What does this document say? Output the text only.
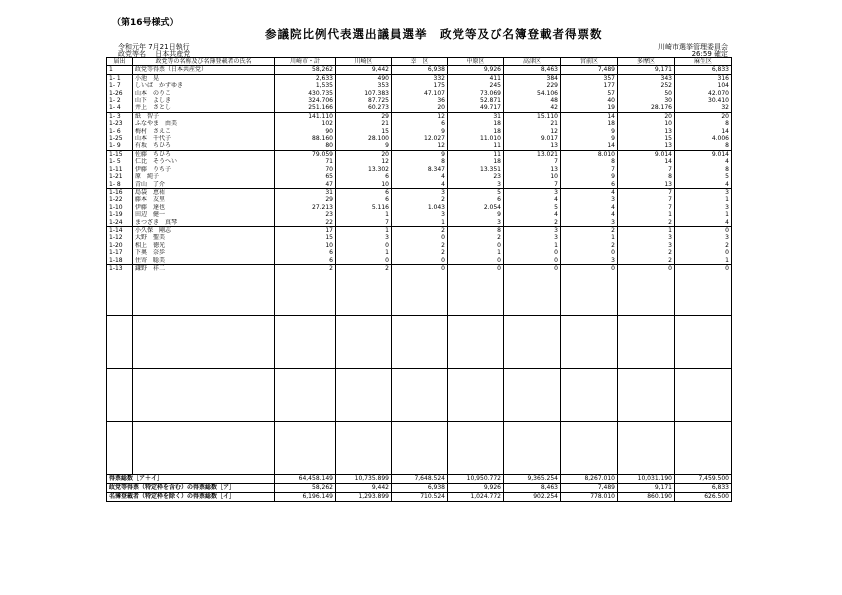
（第16号様式）
参議院比例代表選出議員選挙　政党等及び名簿登載者得票数
令和元年 7月21日執行
政党等名　 日本共産党
川崎市選挙管理委員会
26:59 確定
届出	政党等の名称及び名簿登載者の氏名	川崎市・計	川崎区	幸　区	中原区	高津区	宮前区	多摩区	麻生区
1	政党等得票（日本共産党）	58,262	9,442	6,938	9,926	8,463	7,489	9,171	6,833
1- 1	小池　晃	2,633	490	332	411	384	357	343	316
1- 7	しいば　かずゆき	1,535	353	175	245	229	177	252	104
1-26	山本　のりこ	430.735	107.383	47.107	73.069	54.106	57	50	42.070
1- 2	山下　よしき	324.706	87.725	36	52.871	48	40	30	30.410
1- 4	井上　さとし	251.166	60.273	20	49.717	42	19	28.176	32
1- 3	紙　智子	141.110	29	12	31	15.110	14	20	20
1-23	ふなやま　由美	102	21	6	18	21	18	10	8
1- 6	梅村　さえこ	90	15	9	18	12	9	13	14
1-25	山本　千代子	88.160	28.100	12.027	11.010	9.017	9	15	4.006
1- 9	有坂　ちひろ	80	9	12	11	13	14	13	8
1-15	佐藤　ちひろ	79.059	20	9	11	13.021	8.010	9.014	9.014
1- 5	仁比　そうへい	71	12	8	18	7	8	14	4
1-11	伊藤　りち子	70	13.302	8.347	13.351	13	7	7	8
1-21	原　純子	65	6	4	23	10	9	8	5
1- 8	青山　了介	47	10	4	3	7	6	13	4
1-16	島袋　恵祐	31	6	3	5	3	4	7	3
1-22	藤本　友里	29	6	2	6	4	3	7	1
1-10	伊藤　達也	27.213	5.116	1.043	2.054	5	4	7	3
1-19	田辺　健一	23	1	3	9	4	4	1	1
1-24	まつざき　真琴	22	7	1	3	2	3	2	4
1-14	小久保　剛志	17	1	2	8	3	2	1	0
1-12	大野　聖美	15	3	0	2	3	1	3	3
1-20	相上　徳光	10	0	2	0	1	2	3	2
1-17	下奥　奈歩	6	1	2	1	0	0	2	0
1-18	住寄　聡美	6	0	0	0	0	3	2	1
1-13	鎌野　祥二	2	2	0	0	0	0	0	0

得票総数［ア＋イ］		64,458.149	10,735.899	7,648.524	10,950.772	9,365.254	8,267.010	10,031.190	7,459.500
政党等得票（特定枠を含む）の得票総数［ア］		58,262	9,442	6,938	9,926	8,463	7,489	9,171	6,833
名簿登載者（特定枠を除く）の得票総数［イ］		6,196.149	1,293.899	710.524	1,024.772	902.254	778.010	860.190	626.500
